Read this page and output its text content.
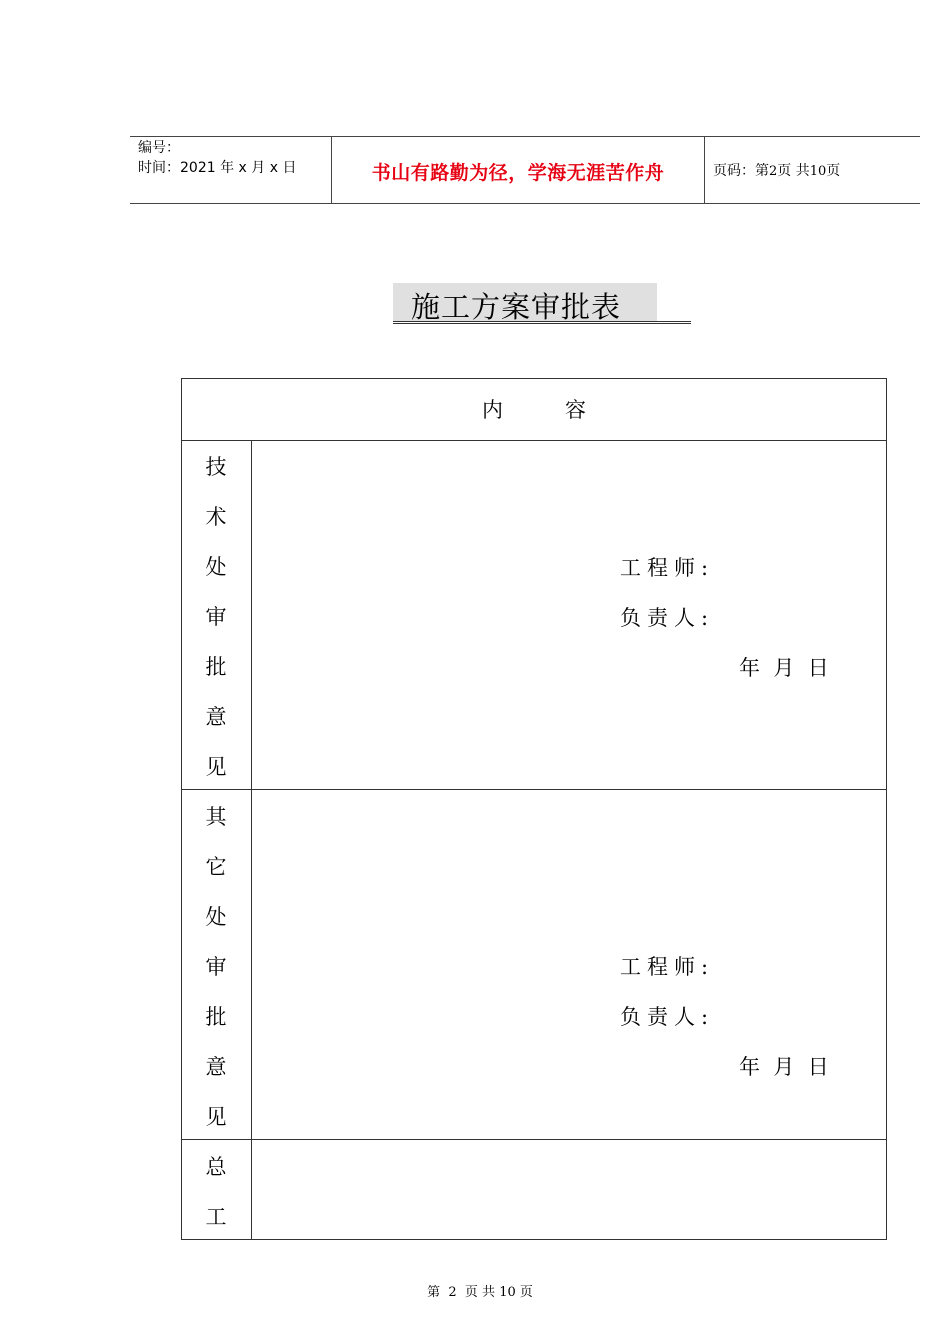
编号：
时间：2021 年 x 月 x 日	书山有路勤为径，学海无涯苦作舟	页码：第2页 共10页
施工方案审批表
内容
技
术
处
审
批
意
见
工程师:
负责人:
年  月  日
其
它
处
审
批
意
见
工程师:
负责人:
年  月  日
总
工
第  2  页 共 10 页
